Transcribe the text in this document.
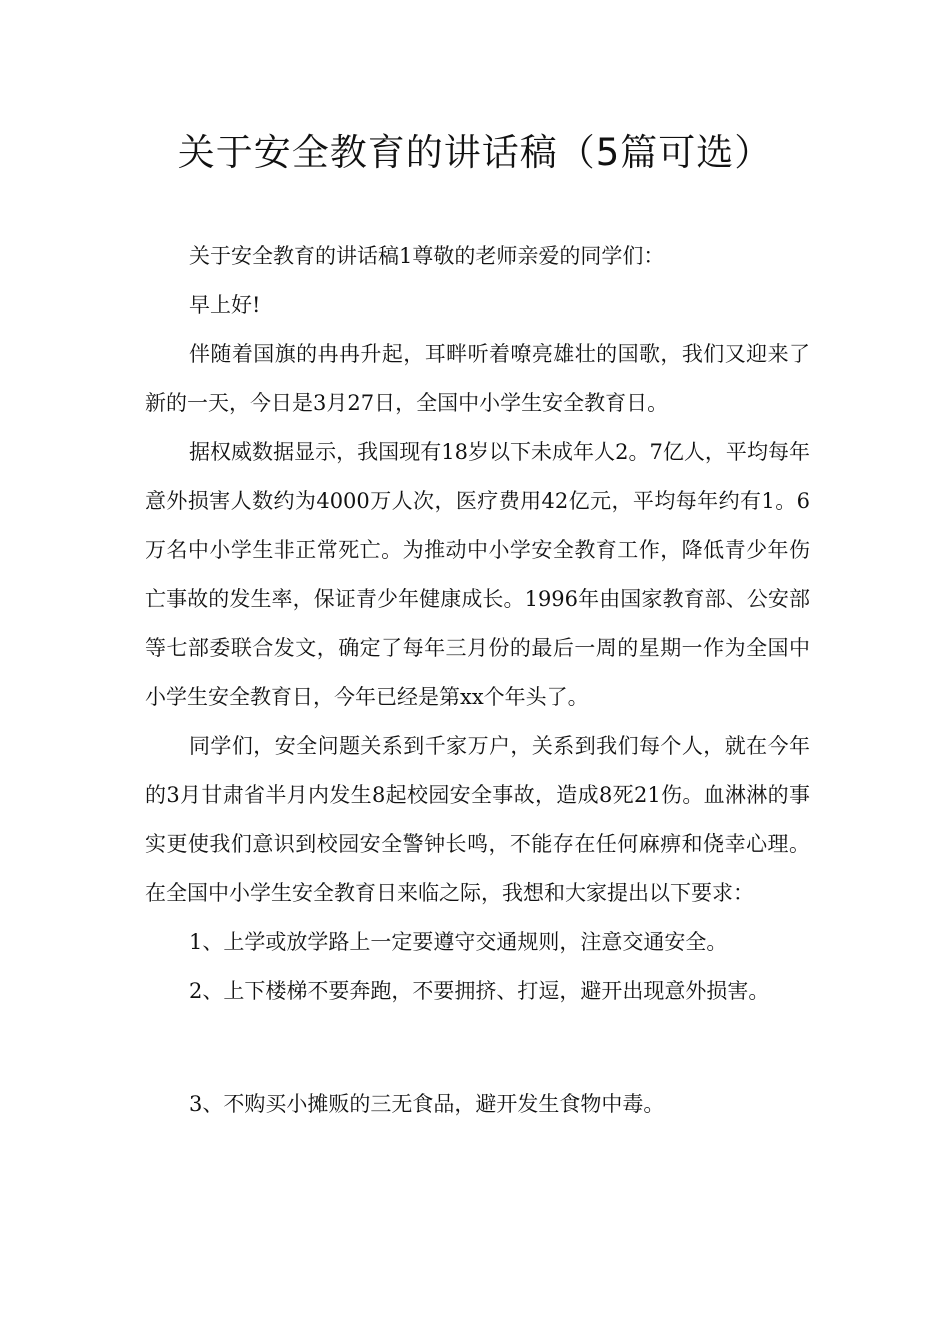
关于安全教育的讲话稿（5篇可选）

关于安全教育的讲话稿1尊敬的老师亲爱的同学们：

早上好!

伴随着国旗的冉冉升起，耳畔听着嘹亮雄壮的国歌，我们又迎来了新的一天，今日是3月27日，全国中小学生安全教育日。

据权威数据显示，我国现有18岁以下未成年人2。7亿人，平均每年意外损害人数约为4000万人次，医疗费用42亿元，平均每年约有1。6万名中小学生非正常死亡。为推动中小学安全教育工作，降低青少年伤亡事故的发生率，保证青少年健康成长。1996年由国家教育部、公安部等七部委联合发文，确定了每年三月份的最后一周的星期一作为全国中小学生安全教育日，今年已经是第xx个年头了。

同学们，安全问题关系到千家万户，关系到我们每个人，就在今年的3月甘肃省半月内发生8起校园安全事故，造成8死21伤。血淋淋的事实更使我们意识到校园安全警钟长鸣，不能存在任何麻痹和侥幸心理。在全国中小学生安全教育日来临之际，我想和大家提出以下要求：

1、上学或放学路上一定要遵守交通规则，注意交通安全。

2、上下楼梯不要奔跑，不要拥挤、打逗，避开出现意外损害。

3、不购买小摊贩的三无食品，避开发生食物中毒。
